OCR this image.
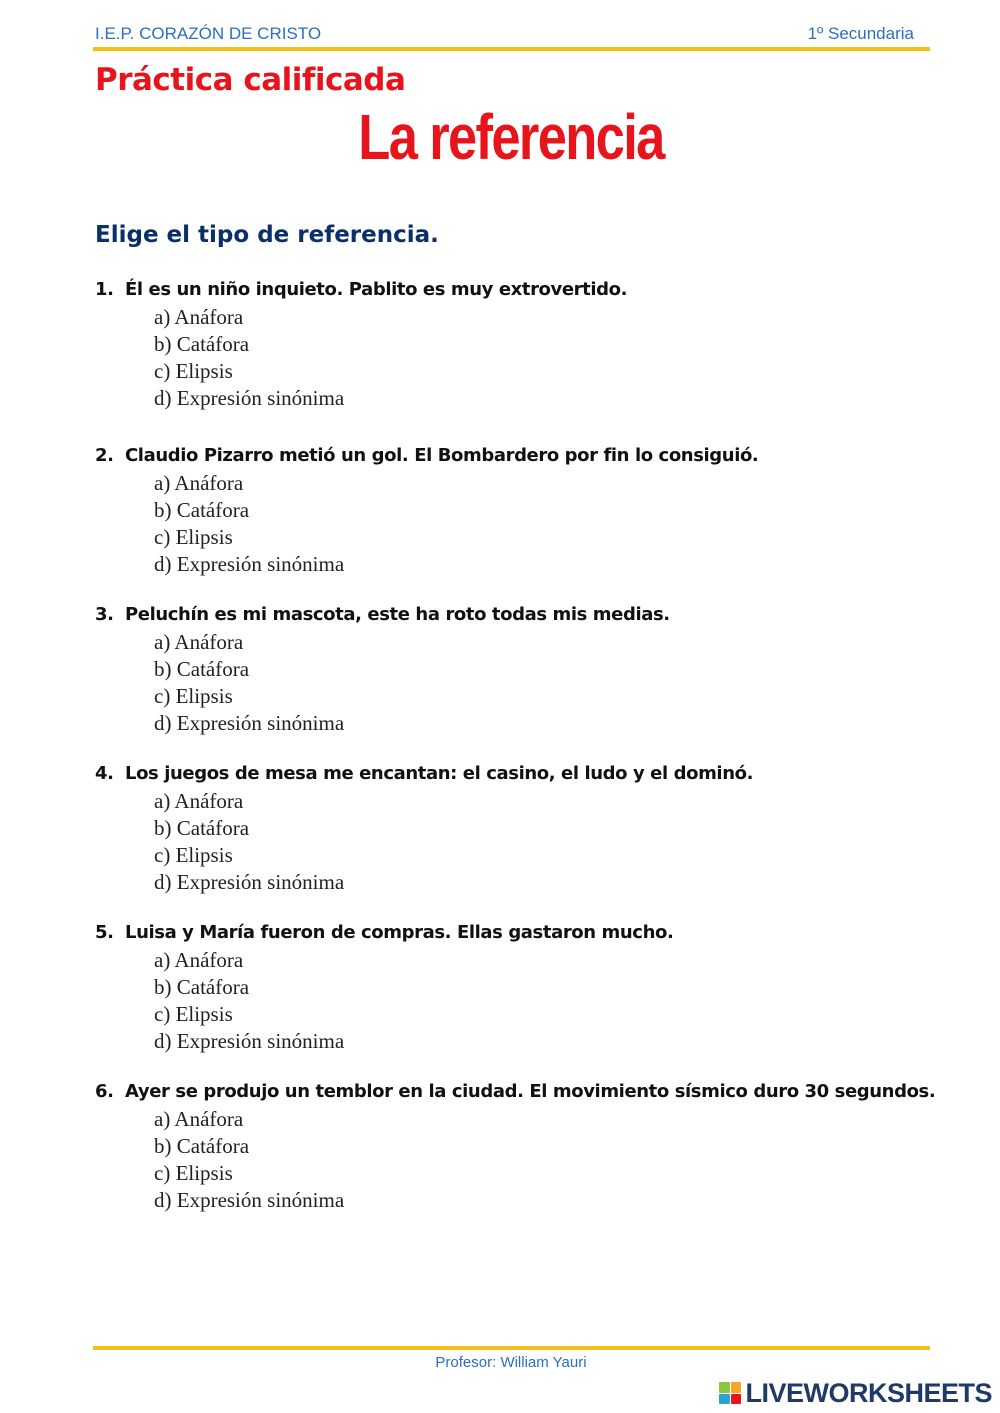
I.E.P. CORAZÓN DE CRISTO	1º Secundaria
Práctica calificada
La referencia
Elige el tipo de referencia.
1. Él es un niño inquieto. Pablito es muy extrovertido.
a) Anáfora
b) Catáfora
c) Elipsis
d) Expresión sinónima
2. Claudio Pizarro metió un gol. El Bombardero por fin lo consiguió.
a) Anáfora
b) Catáfora
c) Elipsis
d) Expresión sinónima
3. Peluchín es mi mascota, este ha roto todas mis medias.
a) Anáfora
b) Catáfora
c) Elipsis
d) Expresión sinónima
4. Los juegos de mesa me encantan: el casino, el ludo y el dominó.
a) Anáfora
b) Catáfora
c) Elipsis
d) Expresión sinónima
5. Luisa y María fueron de compras. Ellas gastaron mucho.
a) Anáfora
b) Catáfora
c) Elipsis
d) Expresión sinónima
6. Ayer se produjo un temblor en la ciudad. El movimiento sísmico duro 30 segundos.
a) Anáfora
b) Catáfora
c) Elipsis
d) Expresión sinónima
Profesor: William Yauri
LIVEWORKSHEETS
